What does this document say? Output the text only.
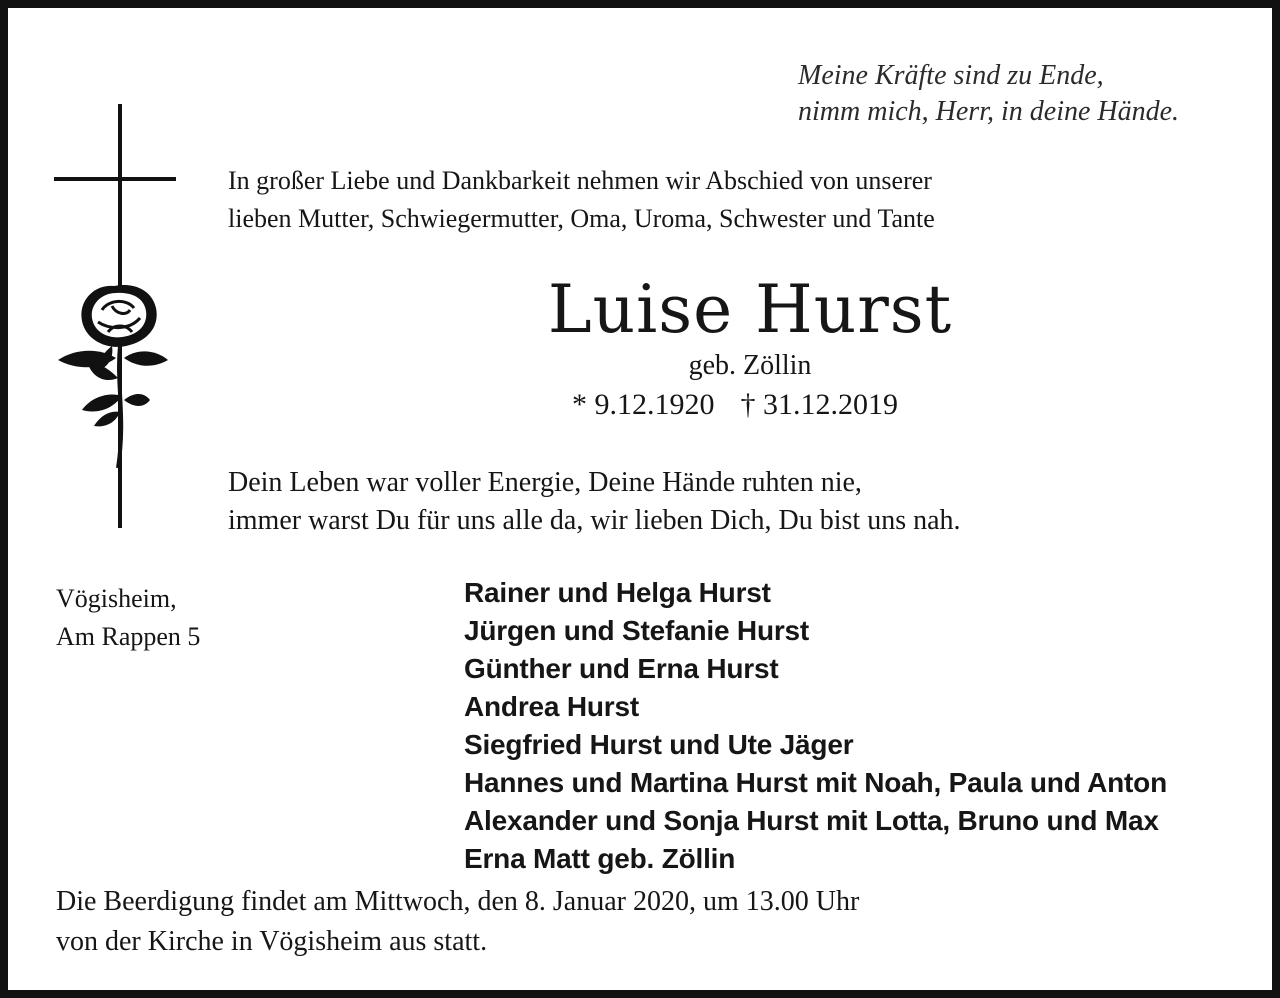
Meine Kräfte sind zu Ende,
nimm mich, Herr, in deine Hände.
In großer Liebe und Dankbarkeit nehmen wir Abschied von unserer
lieben Mutter, Schwiegermutter, Oma, Uroma, Schwester und Tante
Luise Hurst
geb. Zöllin
* 9.12.1920 † 31.12.2019
Dein Leben war voller Energie, Deine Hände ruhten nie,
immer warst Du für uns alle da, wir lieben Dich, Du bist uns nah.
Vögisheim,
Am Rappen 5
Rainer und Helga Hurst
Jürgen und Stefanie Hurst
Günther und Erna Hurst
Andrea Hurst
Siegfried Hurst und Ute Jäger
Hannes und Martina Hurst mit Noah, Paula und Anton
Alexander und Sonja Hurst mit Lotta, Bruno und Max
Erna Matt geb. Zöllin
Die Beerdigung findet am Mittwoch, den 8. Januar 2020, um 13.00 Uhr
von der Kirche in Vögisheim aus statt.
